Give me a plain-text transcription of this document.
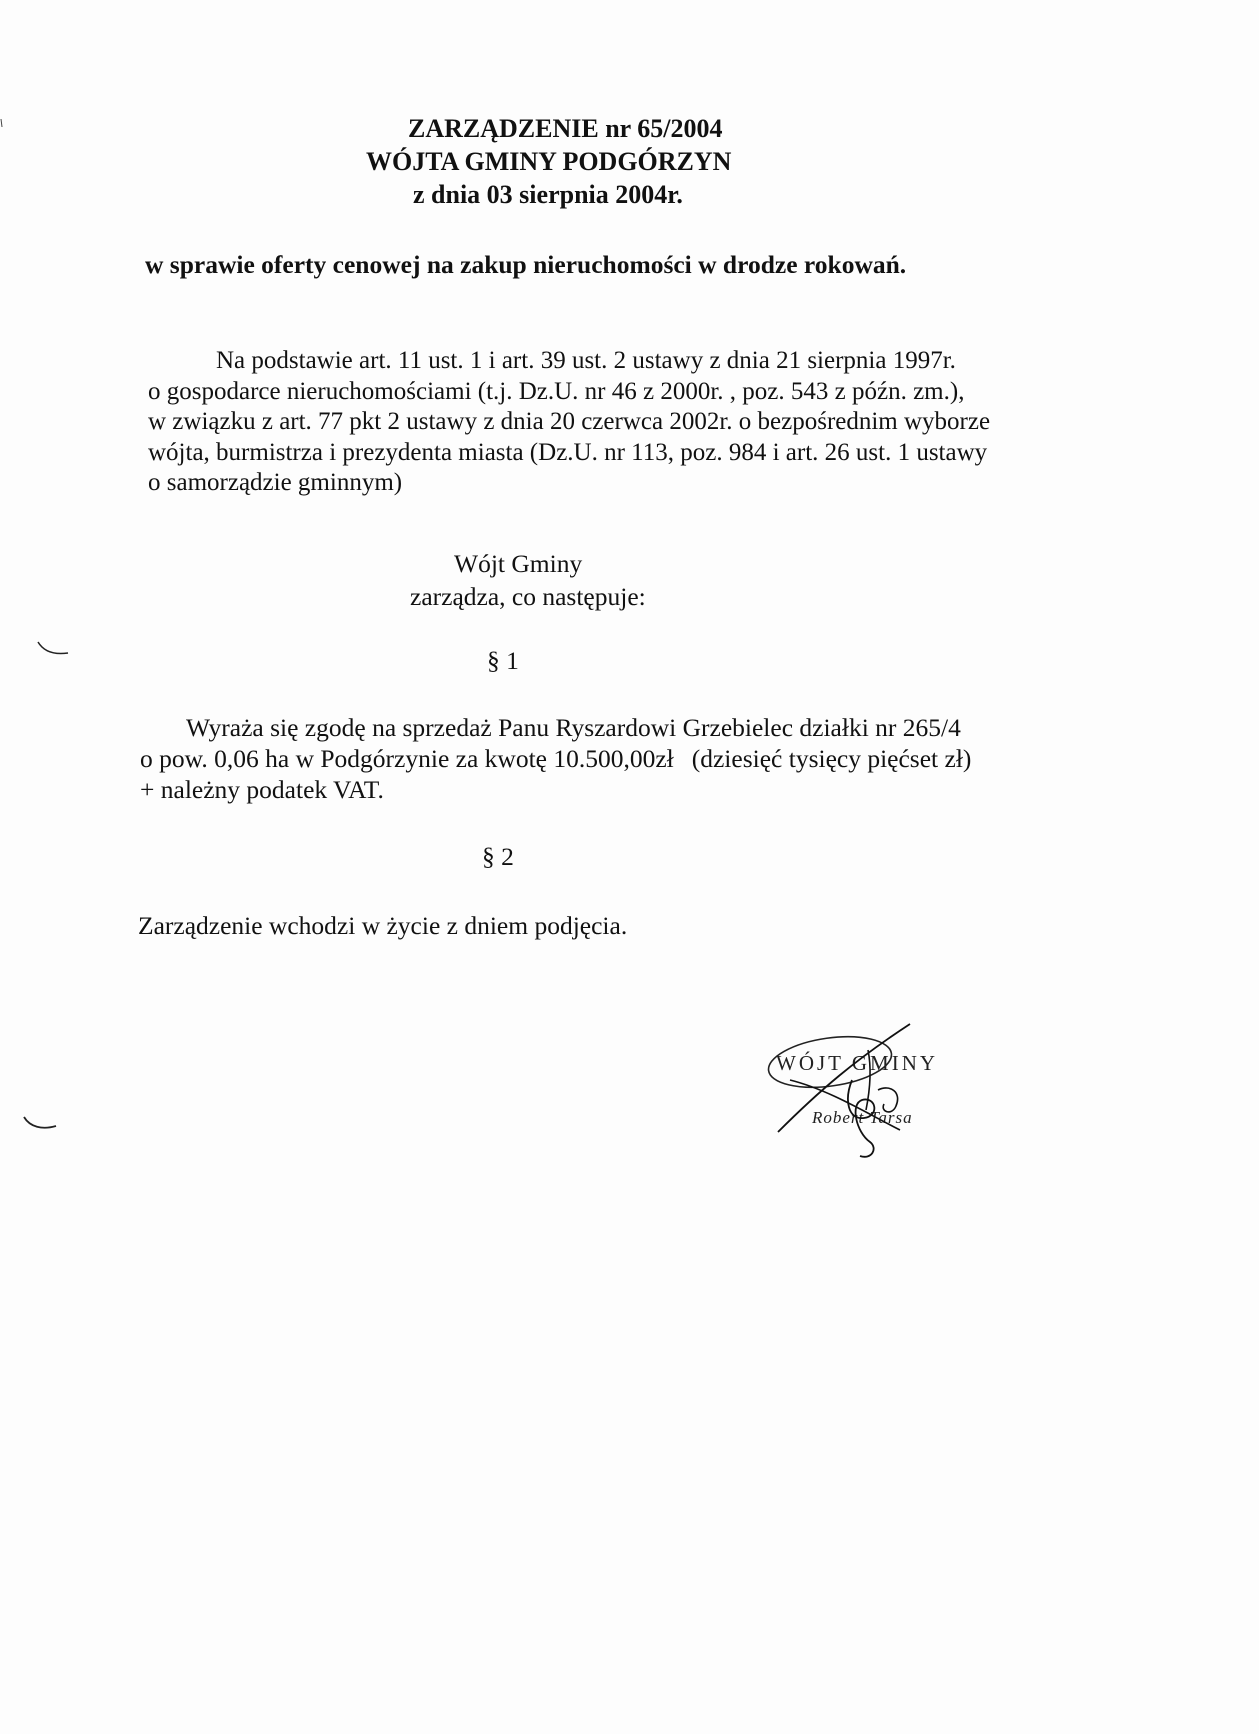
ZARZĄDZENIE nr 65/2004
WÓJTA GMINY PODGÓRZYN
z dnia 03 sierpnia 2004r.
w sprawie oferty cenowej na zakup nieruchomości w drodze rokowań.
Na podstawie art. 11 ust. 1 i art. 39 ust. 2 ustawy z dnia 21 sierpnia 1997r.
o gospodarce nieruchomościami (t.j. Dz.U. nr 46 z 2000r. , poz. 543 z późn. zm.),
w związku z art. 77 pkt 2 ustawy z dnia 20 czerwca 2002r. o bezpośrednim wyborze
wójta, burmistrza i prezydenta miasta (Dz.U. nr 113, poz. 984 i art. 26 ust. 1 ustawy
o samorządzie gminnym)
Wójt Gminy
zarządza, co następuje:
§ 1
Wyraża się zgodę na sprzedaż Panu Ryszardowi Grzebielec działki nr 265/4
o pow. 0,06 ha w Podgórzynie za kwotę 10.500,00zł (dziesięć tysięcy pięćset zł)
+ należny podatek VAT.
§ 2
Zarządzenie wchodzi w życie z dniem podjęcia.
WÓJT GMINY
Robert Tarsa
